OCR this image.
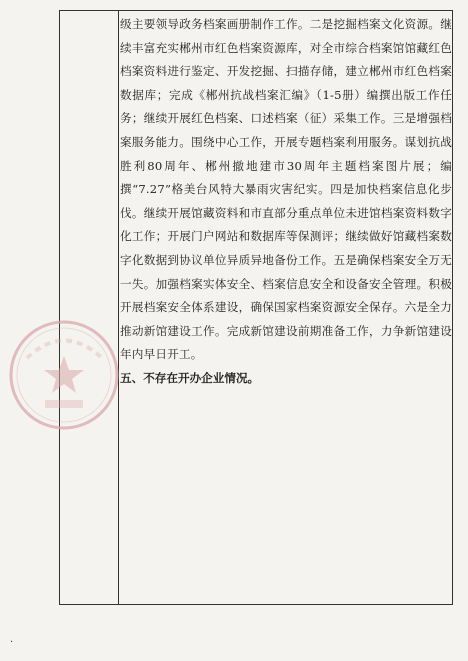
级主要领导政务档案画册制作工作。二是挖掘档案文化资源。继续丰富充实郴州市红色档案资源库，对全市综合档案馆馆藏红色档案资料进行鉴定、开发挖掘、扫描存储，建立郴州市红色档案数据库；完成《郴州抗战档案汇编》（1-5册）编撰出版工作任务；继续开展红色档案、口述档案（征）采集工作。三是增强档案服务能力。围绕中心工作，开展专题档案利用服务。谋划抗战胜利80周年、郴州撤地建市30周年主题档案图片展；编撰“7.27”格美台风特大暴雨灾害纪实。四是加快档案信息化步伐。继续开展馆藏资料和市直部分重点单位未进馆档案资料数字化工作；开展门户网站和数据库等保测评；继续做好馆藏档案数字化数据到协议单位异质异地备份工作。五是确保档案安全万无一失。加强档案实体安全、档案信息安全和设备安全管理。积极开展档案安全体系建设，确保国家档案资源安全保存。六是全力推动新馆建设工作。完成新馆建设前期准备工作，力争新馆建设年内早日开工。

五、不存在开办企业情况。

.
